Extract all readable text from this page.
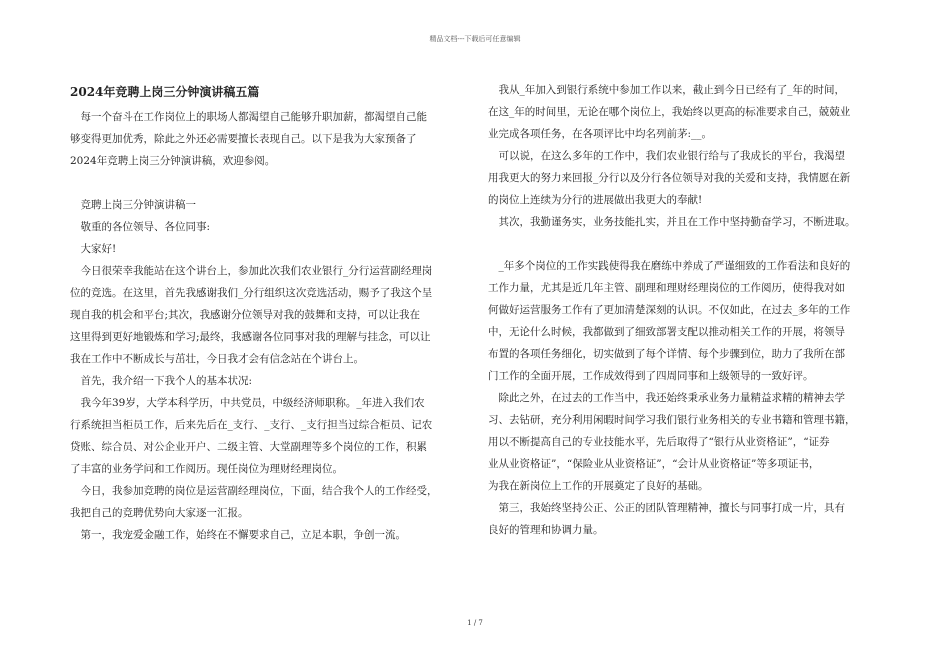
精品文档---下载后可任意编辑
2024年竞聘上岗三分钟演讲稿五篇
　每一个奋斗在工作岗位上的职场人都渴望自己能够升职加薪，都渴望自己能
够变得更加优秀，除此之外还必需要擅长表现自己。以下是我为大家预备了
2024年竞聘上岗三分钟演讲稿，欢迎参阅。
　竞聘上岗三分钟演讲稿一
　敬重的各位领导、各位同事:
　大家好!
　今日很荣幸我能站在这个讲台上，参加此次我们农业银行_分行运营副经理岗
位的竞选。在这里，首先我感谢我们_分行组织这次竞选活动，赐予了我这个呈
现自我的机会和平台;其次，我感谢分位领导对我的鼓舞和支持，可以让我在
这里得到更好地锻炼和学习;最终，我感谢各位同事对我的理解与挂念，可以让
我在工作中不断成长与茁壮，今日我才会有信念站在个讲台上。
　首先，我介绍一下我个人的基本状况:
　我今年39岁，大学本科学历，中共党员，中级经济师职称。_年进入我们农
行系统担当柜员工作，后来先后在_支行、_支行、_支行担当过综合柜员、记农
贷账、综合员、对公企业开户、二级主管、大堂副理等多个岗位的工作，积累
了丰富的业务学问和工作阅历。现任岗位为理财经理岗位。
　今日，我参加竞聘的岗位是运营副经理岗位，下面，结合我个人的工作经受，
我把自己的竞聘优势向大家逐一汇报。
　第一，我宠爱金融工作，始终在不懈要求自己，立足本职，争创一流。
　我从_年加入到银行系统中参加工作以来，截止到今日已经有了_年的时间，
在这_年的时间里，无论在哪个岗位上，我始终以更高的标准要求自己，兢兢业
业完成各项任务，在各项评比中均名列前茅:__。
　可以说，在这么多年的工作中，我们农业银行给与了我成长的平台，我渴望
用我更大的努力来回报_分行以及分行各位领导对我的关爱和支持，我情愿在新
的岗位上连续为分行的进展做出我更大的奉献!
　其次，我勤谨务实，业务技能扎实，并且在工作中坚持勤奋学习，不断进取。
　_年多个岗位的工作实践使得我在磨练中养成了严谨细致的工作看法和良好的
工作力量，尤其是近几年主管、副理和理财经理岗位的工作阅历，使得我对如
何做好运营服务工作有了更加清楚深刻的认识。不仅如此，在过去_多年的工作
中，无论什么时候，我都做到了细致部署支配以推动相关工作的开展，将领导
布置的各项任务细化，切实做到了每个详情、每个步骤到位，助力了我所在部
门工作的全面开展，工作成效得到了四周同事和上级领导的一致好评。
　除此之外，在过去的工作当中，我还始终秉承业务力量精益求精的精神去学
习、去钻研，充分利用闲暇时间学习我们银行业务相关的专业书籍和管理书籍，
用以不断提高自己的专业技能水平，先后取得了“银行从业资格证”，“证券
业从业资格证”，“保险业从业资格证”，“会计从业资格证”等多项证书，
为我在新岗位上工作的开展奠定了良好的基础。
　第三，我始终坚持公正、公正的团队管理精神，擅长与同事打成一片，具有
良好的管理和协调力量。
1 / 7
